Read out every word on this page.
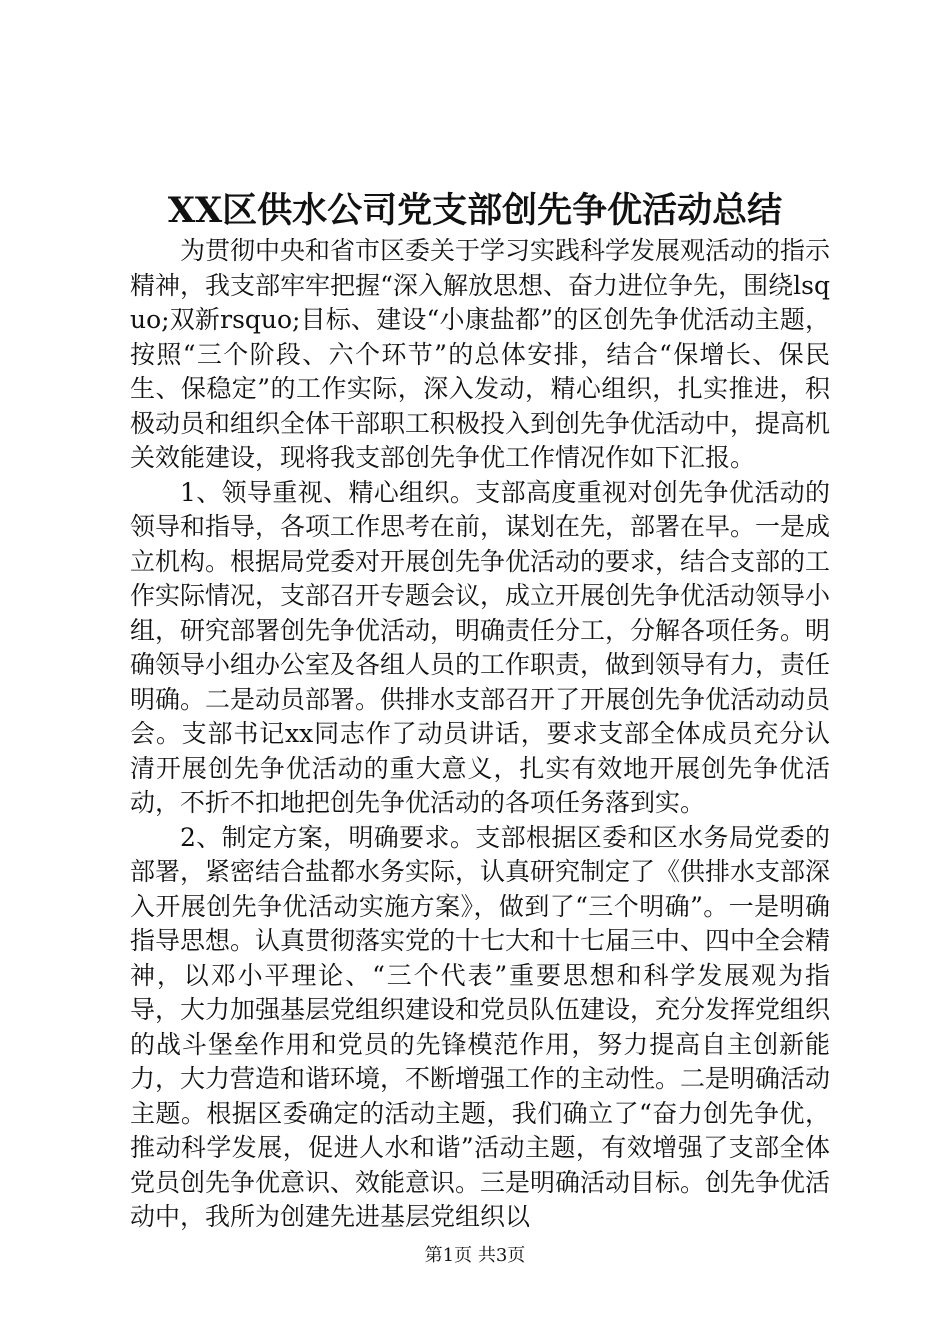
XX区供水公司党支部创先争优活动总结

为贯彻中央和省市区委关于学习实践科学发展观活动的指示精神，我支部牢牢把握“深入解放思想、奋力进位争先，围绕lsquo;双新rsquo;目标、建设“小康盐都”的区创先争优活动主题，按照“三个阶段、六个环节”的总体安排，结合“保增长、保民生、保稳定”的工作实际，深入发动，精心组织，扎实推进，积极动员和组织全体干部职工积极投入到创先争优活动中，提高机关效能建设，现将我支部创先争优工作情况作如下汇报。

1、领导重视、精心组织。支部高度重视对创先争优活动的领导和指导，各项工作思考在前，谋划在先，部署在早。一是成立机构。根据局党委对开展创先争优活动的要求，结合支部的工作实际情况，支部召开专题会议，成立开展创先争优活动领导小组，研究部署创先争优活动，明确责任分工，分解各项任务。明确领导小组办公室及各组人员的工作职责，做到领导有力，责任明确。二是动员部署。供排水支部召开了开展创先争优活动动员会。支部书记xx同志作了动员讲话，要求支部全体成员充分认清开展创先争优活动的重大意义，扎实有效地开展创先争优活动，不折不扣地把创先争优活动的各项任务落到实。

2、制定方案，明确要求。支部根据区委和区水务局党委的部署，紧密结合盐都水务实际，认真研究制定了《供排水支部深入开展创先争优活动实施方案》，做到了“三个明确”。一是明确指导思想。认真贯彻落实党的十七大和十七届三中、四中全会精神，以邓小平理论、“三个代表”重要思想和科学发展观为指导，大力加强基层党组织建设和党员队伍建设，充分发挥党组织的战斗堡垒作用和党员的先锋模范作用，努力提高自主创新能力，大力营造和谐环境，不断增强工作的主动性。二是明确活动主题。根据区委确定的活动主题，我们确立了“奋力创先争优，推动科学发展，促进人水和谐”活动主题，有效增强了支部全体党员创先争优意识、效能意识。三是明确活动目标。创先争优活动中，我所为创建先进基层党组织以

第1页 共3页
